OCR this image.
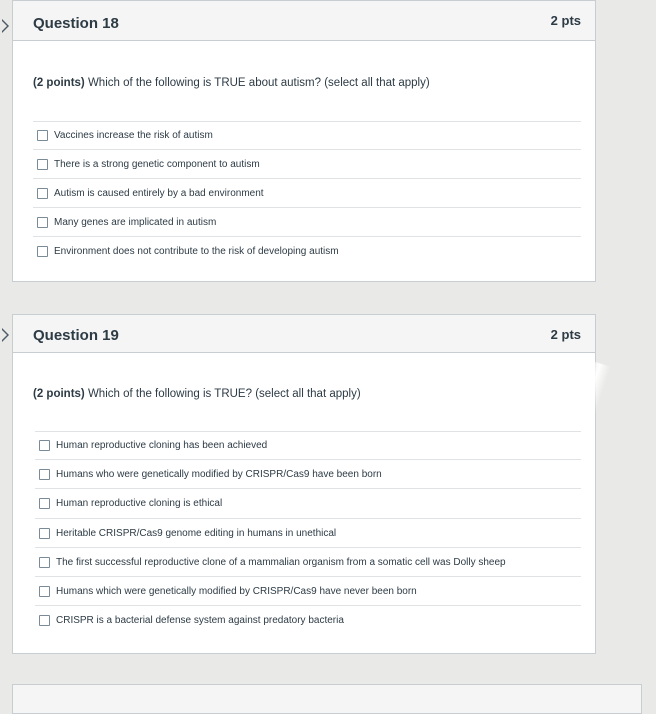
Question 18	2 pts
(2 points) Which of the following is TRUE about autism? (select all that apply)
Vaccines increase the risk of autism
There is a strong genetic component to autism
Autism is caused entirely by a bad environment
Many genes are implicated in autism
Environment does not contribute to the risk of developing autism
Question 19	2 pts
(2 points) Which of the following is TRUE? (select all that apply)
Human reproductive cloning has been achieved
Humans who were genetically modified by CRISPR/Cas9 have been born
Human reproductive cloning is ethical
Heritable CRISPR/Cas9 genome editing in humans in unethical
The first successful reproductive clone of a mammalian organism from a somatic cell was Dolly sheep
Humans which were genetically modified by CRISPR/Cas9 have never been born
CRISPR is a bacterial defense system against predatory bacteria
